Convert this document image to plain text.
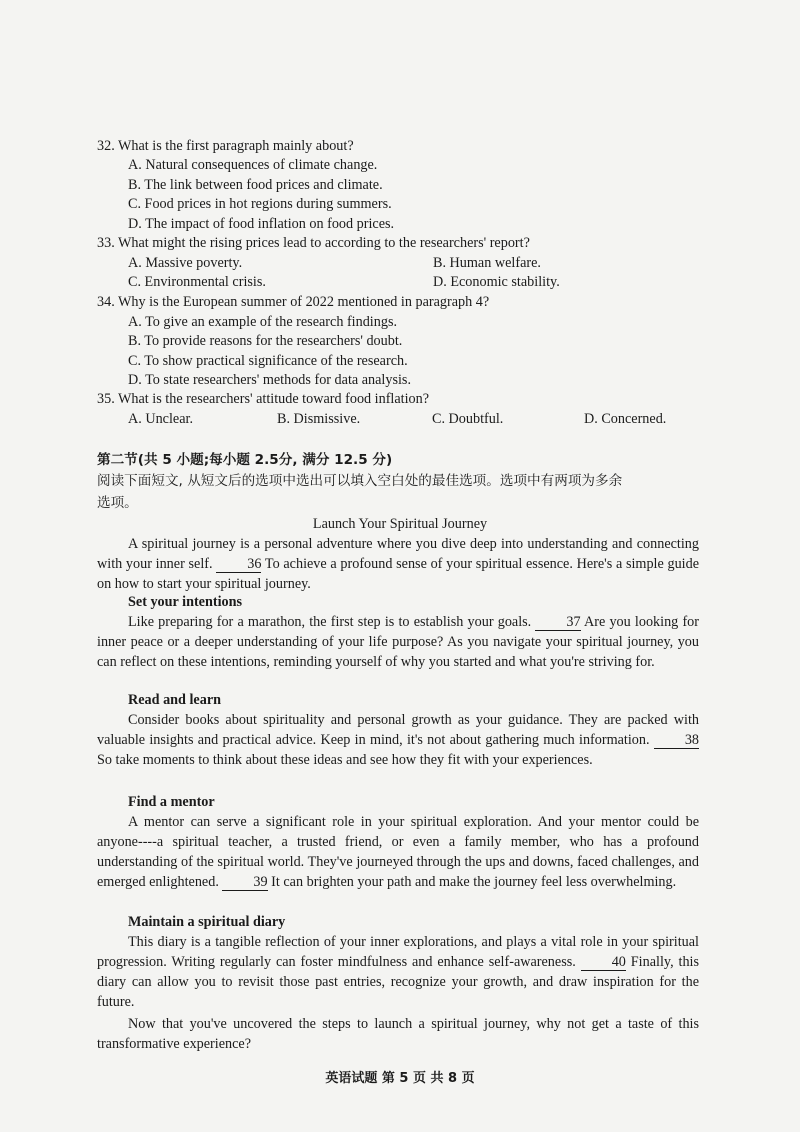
32. What is the first paragraph mainly about?
A. Natural consequences of climate change.
B. The link between food prices and climate.
C. Food prices in hot regions during summers.
D. The impact of food inflation on food prices.
33. What might the rising prices lead to according to the researchers' report?
A. Massive poverty.	B. Human welfare.
C. Environmental crisis.	D. Economic stability.
34. Why is the European summer of 2022 mentioned in paragraph 4?
A. To give an example of the research findings.
B. To provide reasons for the researchers' doubt.
C. To show practical significance of the research.
D. To state researchers' methods for data analysis.
35. What is the researchers' attitude toward food inflation?
A. Unclear.	B. Dismissive.	C. Doubtful.	D. Concerned.
第二节(共 5 小题;每小题 2.5分, 满分 12.5 分)
阅读下面短文, 从短文后的选项中选出可以填入空白处的最佳选项。选项中有两项为多余
选项。
Launch Your Spiritual Journey
A spiritual journey is a personal adventure where you dive deep into understanding and connecting with your inner self. 36 To achieve a profound sense of your spiritual essence. Here's a simple guide on how to start your spiritual journey.
Set your intentions
Like preparing for a marathon, the first step is to establish your goals. 37 Are you looking for inner peace or a deeper understanding of your life purpose? As you navigate your spiritual journey, you can reflect on these intentions, reminding yourself of why you started and what you're striving for.
Read and learn
Consider books about spirituality and personal growth as your guidance. They are packed with valuable insights and practical advice. Keep in mind, it's not about gathering much information. 38 So take moments to think about these ideas and see how they fit with your experiences.
Find a mentor
A mentor can serve a significant role in your spiritual exploration. And your mentor could be anyone----a spiritual teacher, a trusted friend, or even a family member, who has a profound understanding of the spiritual world. They've journeyed through the ups and downs, faced challenges, and emerged enlightened. 39 It can brighten your path and make the journey feel less overwhelming.
Maintain a spiritual diary
This diary is a tangible reflection of your inner explorations, and plays a vital role in your spiritual progression. Writing regularly can foster mindfulness and enhance self-awareness.	40 Finally, this diary can allow you to revisit those past entries, recognize your growth, and draw inspiration for the future.
Now that you've uncovered the steps to launch a spiritual journey, why not get a taste of this transformative experience?
英语试题 第 5 页 共 8 页
